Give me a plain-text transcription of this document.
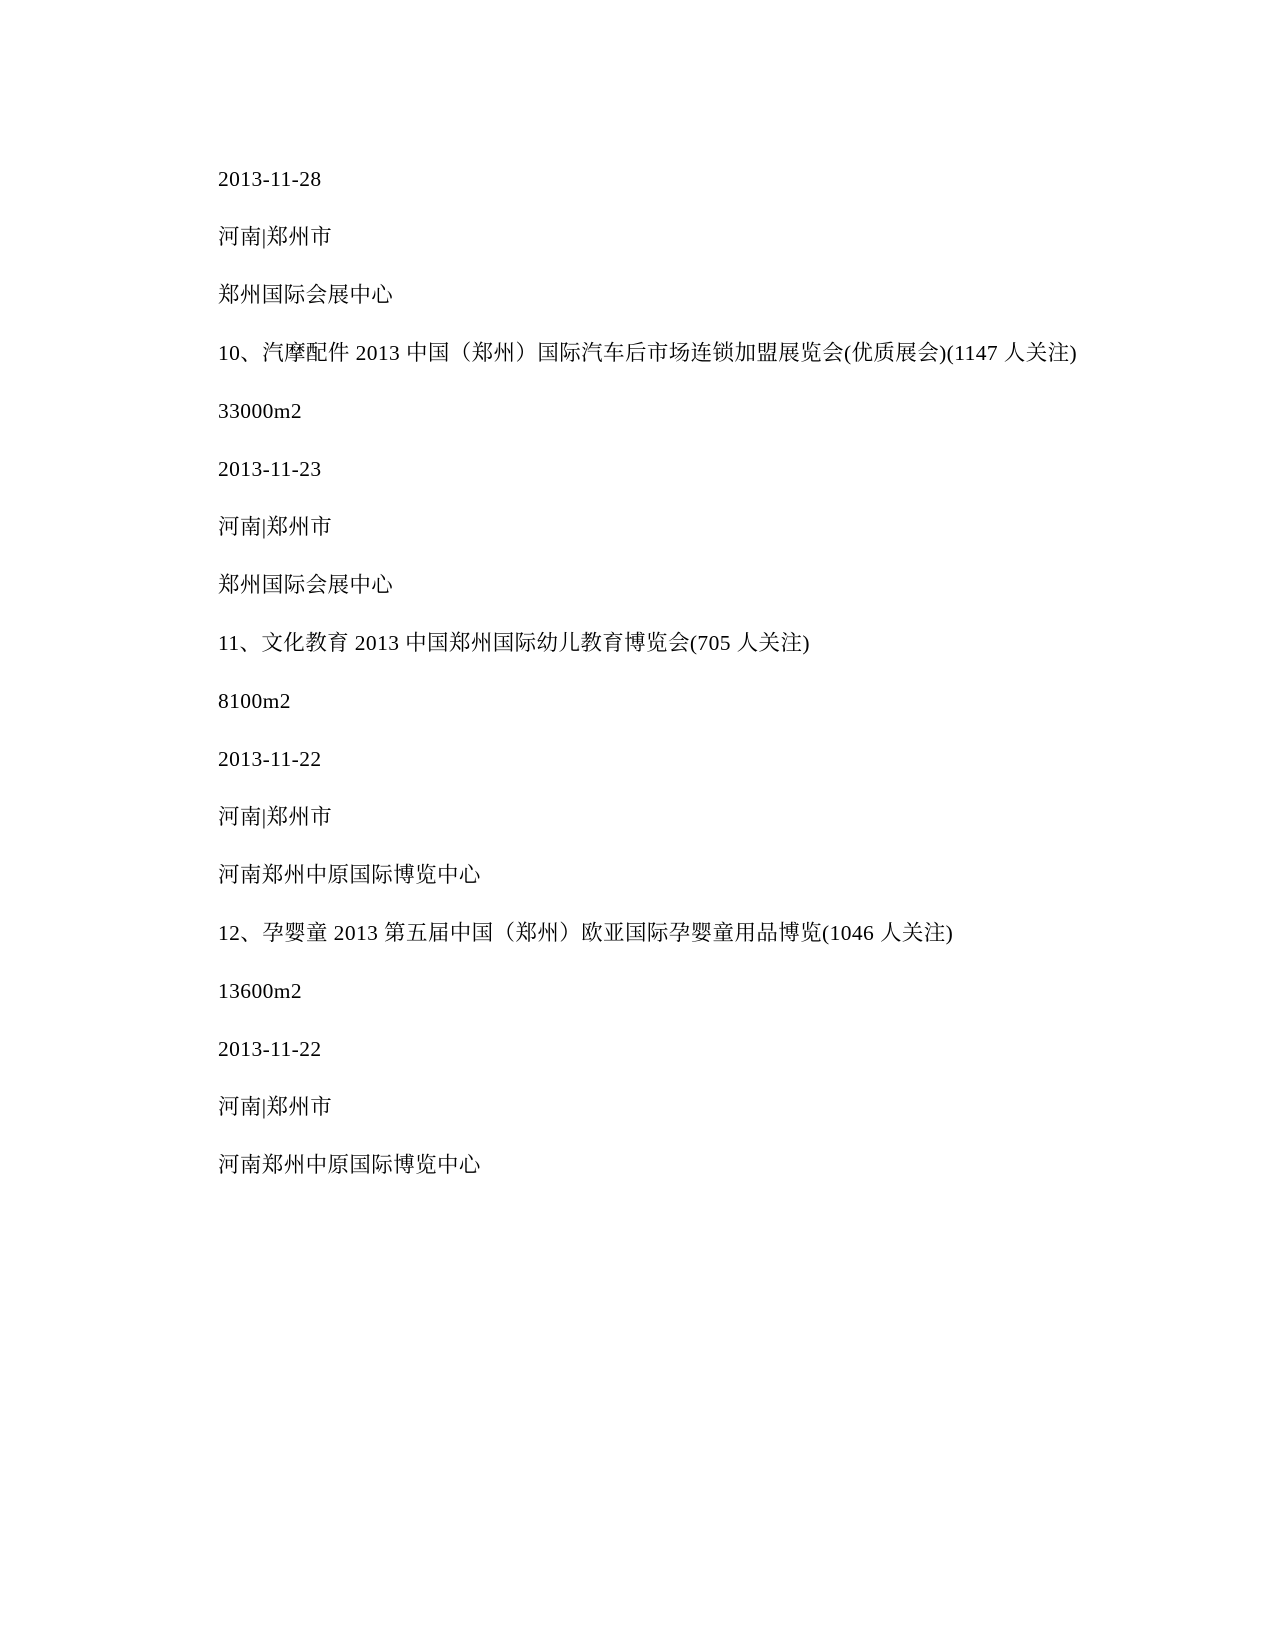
2013-11-28

河南|郑州市

郑州国际会展中心

10、汽摩配件 2013 中国（郑州）国际汽车后市场连锁加盟展览会(优质展会)(1147 人关注)

33000m2

2013-11-23

河南|郑州市

郑州国际会展中心

11、文化教育 2013 中国郑州国际幼儿教育博览会(705 人关注)

8100m2

2013-11-22

河南|郑州市

河南郑州中原国际博览中心

12、孕婴童 2013 第五届中国（郑州）欧亚国际孕婴童用品博览(1046 人关注)

13600m2

2013-11-22

河南|郑州市

河南郑州中原国际博览中心
